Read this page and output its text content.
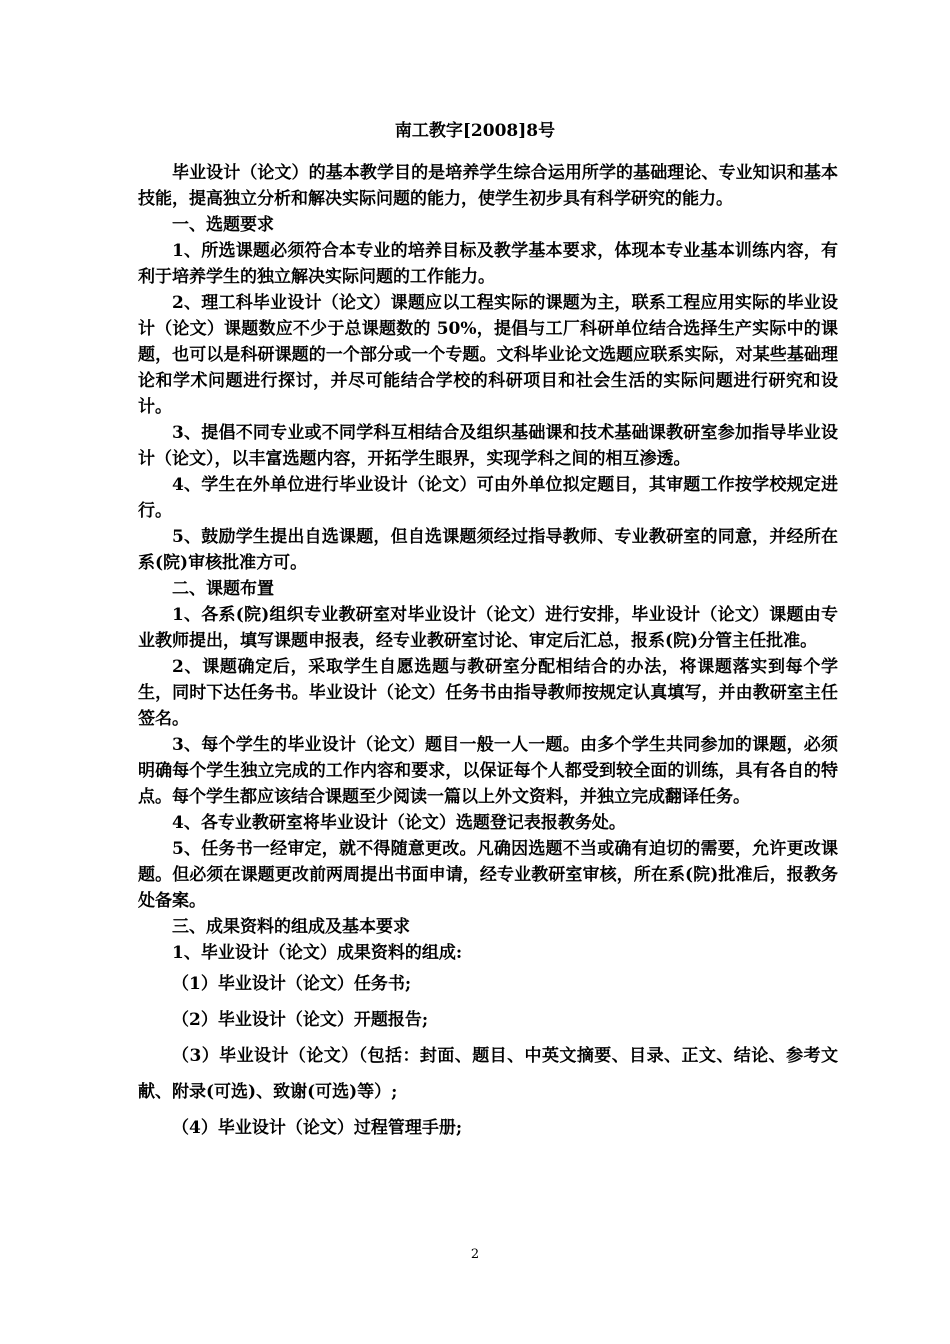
南工教字[2008]8号

毕业设计（论文）的基本教学目的是培养学生综合运用所学的基础理论、专业知识和基本技能，提高独立分析和解决实际问题的能力，使学生初步具有科学研究的能力。

一、选题要求

1、所选课题必须符合本专业的培养目标及教学基本要求，体现本专业基本训练内容，有利于培养学生的独立解决实际问题的工作能力。

2、理工科毕业设计（论文）课题应以工程实际的课题为主，联系工程应用实际的毕业设计（论文）课题数应不少于总课题数的 50%，提倡与工厂科研单位结合选择生产实际中的课题，也可以是科研课题的一个部分或一个专题。文科毕业论文选题应联系实际，对某些基础理论和学术问题进行探讨，并尽可能结合学校的科研项目和社会生活的实际问题进行研究和设计。

3、提倡不同专业或不同学科互相结合及组织基础课和技术基础课教研室参加指导毕业设计（论文），以丰富选题内容，开拓学生眼界，实现学科之间的相互渗透。

4、学生在外单位进行毕业设计（论文）可由外单位拟定题目，其审题工作按学校规定进行。

5、鼓励学生提出自选课题，但自选课题须经过指导教师、专业教研室的同意，并经所在系(院)审核批准方可。

二、课题布置

1、各系(院)组织专业教研室对毕业设计（论文）进行安排，毕业设计（论文）课题由专业教师提出，填写课题申报表，经专业教研室讨论、审定后汇总，报系(院)分管主任批准。

2、课题确定后，采取学生自愿选题与教研室分配相结合的办法，将课题落实到每个学生，同时下达任务书。毕业设计（论文）任务书由指导教师按规定认真填写，并由教研室主任签名。

3、每个学生的毕业设计（论文）题目一般一人一题。由多个学生共同参加的课题，必须明确每个学生独立完成的工作内容和要求，以保证每个人都受到较全面的训练，具有各自的特点。每个学生都应该结合课题至少阅读一篇以上外文资料，并独立完成翻译任务。

4、各专业教研室将毕业设计（论文）选题登记表报教务处。

5、任务书一经审定，就不得随意更改。凡确因选题不当或确有迫切的需要，允许更改课题。但必须在课题更改前两周提出书面申请，经专业教研室审核，所在系(院)批准后，报教务处备案。

三、成果资料的组成及基本要求

1、毕业设计（论文）成果资料的组成:

（1）毕业设计（论文）任务书;

（2）毕业设计（论文）开题报告;

（3）毕业设计（论文）（包括：封面、题目、中英文摘要、目录、正文、结论、参考文献、附录(可选)、致谢(可选)等）;

（4）毕业设计（论文）过程管理手册;

2
